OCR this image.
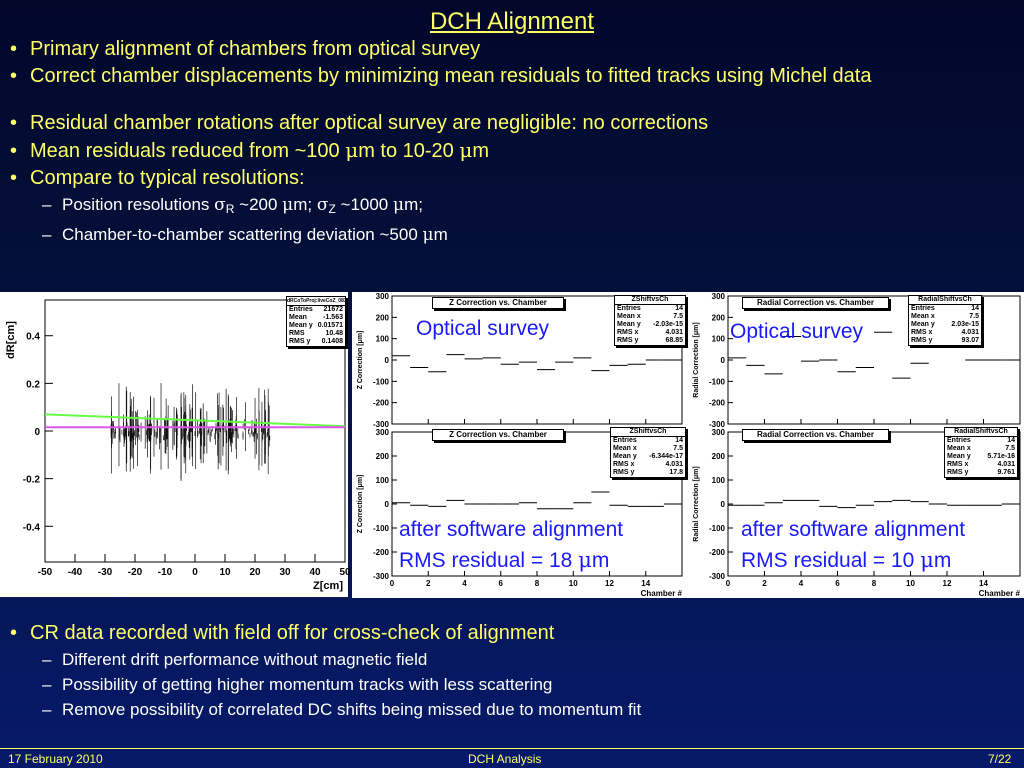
DCH Alignment
• Primary alignment of chambers from optical survey
• Correct chamber displacements by minimizing mean residuals to fitted tracks using Michel data
• Residual chamber rotations after optical survey are negligible: no corrections
• Mean residuals reduced from ~100 μm to 10-20 μm
• Compare to typical resolutions:
– Position resolutions $\sigma_R$ ~200 μm; $\sigma_Z$ ~1000 μm;
– Chamber-to-chamber scattering deviation ~500 μm
0.4
0.2
0
-0.2
-0.4
-50 -40 -30 -20 -10 0 10 20 30 40 50
Z[cm]
dR[cm]
dRCoToProj:liveCoZ_083
Entries 21672
Mean -1.563
Mean y 0.01571
RMS	10.48
RMS y 0.1408
300
200
100
0
-100
-200
-300
Z Correction [μm]
300
200
100
0
-100
-200
-300
Radial Correction [μm]
300
200
100
0
-100
-200
-300
0	2	4	6	8	10	12	14
Chamber #
Z Correction [μm]
300
200
100
0
-100
-200
-300
0	2	4	6	8	10	12	14
Chamber #
Radial Correction [μm]
Z Correction vs. Chamber	ZShiftvsCh
Entries	14
Mean x	7.5
Mean y -2.03e-15
RMS x	4.031
RMS y	68.85
Radial Correction vs. Chamber	RadialShiftvsCh
Entries	14
Mean x	7.5
Mean y 2.03e-15
RMS x	4.031
RMS y	93.07
Z Correction vs. Chamber	ZShiftvsCh
Entries	14
Mean x	7.5
Mean y -6.344e-17
RMS x	4.031
RMS y	17.8
Radial Correction vs. Chamber	RadialShiftvsCh
Entries	14
Mean x	7.5
Mean y 5.71e-16
RMS x	4.031
RMS y	9.761
Optical survey	Optical survey
after software alignment
RMS residual = 18 μm
after software alignment
RMS residual = 10 μm
• CR data recorded with field off for cross-check of alignment
– Different drift performance without magnetic field
– Possibility of getting higher momentum tracks with less scattering
– Remove possibility of correlated DC shifts being missed due to momentum fit
17 February 2010	DCH Analysis	7/22
